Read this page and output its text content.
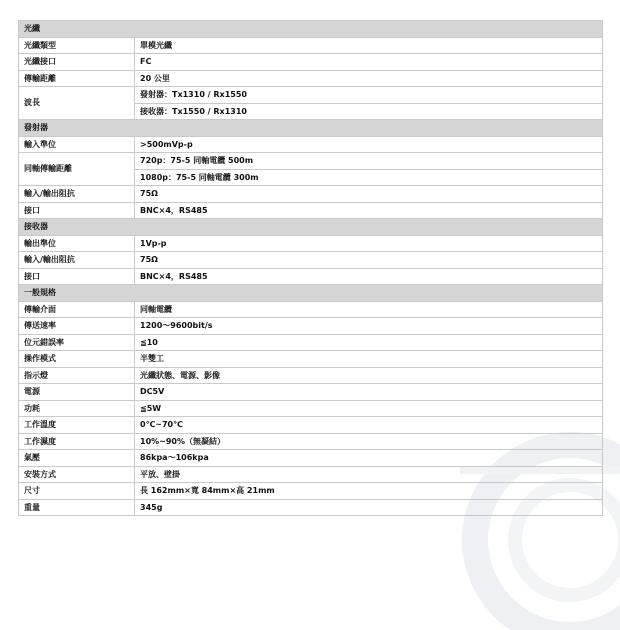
光纖	
光纖類型	單模光纖
光纖接口	FC
傳輸距離	20 公里
波長	發射器：Tx1310 / Rx1550
	接收器：Tx1550 / Rx1310
發射器	
輸入準位	>500mVp-p
同軸傳輸距離	720p：75-5 同軸電纜 500m
	1080p：75-5 同軸電纜 300m
輸入/輸出阻抗	75Ω
接口	BNC×4，RS485
接收器	
輸出準位	1Vp-p
輸入/輸出阻抗	75Ω
接口	BNC×4，RS485
一般規格	
傳輸介面	同軸電纜
傳送速率	1200～9600bit/s
位元錯誤率	≦10
操作模式	半雙工
指示燈	光纖狀態、電源、影像
電源	DC5V
功耗	≦5W
工作溫度	0℃~70℃
工作濕度	10%~90%（無凝結）
氣壓	86kpa～106kpa
安裝方式	平放、壁掛
尺寸	長 162mm×寬 84mm×高 21mm
重量	345g
